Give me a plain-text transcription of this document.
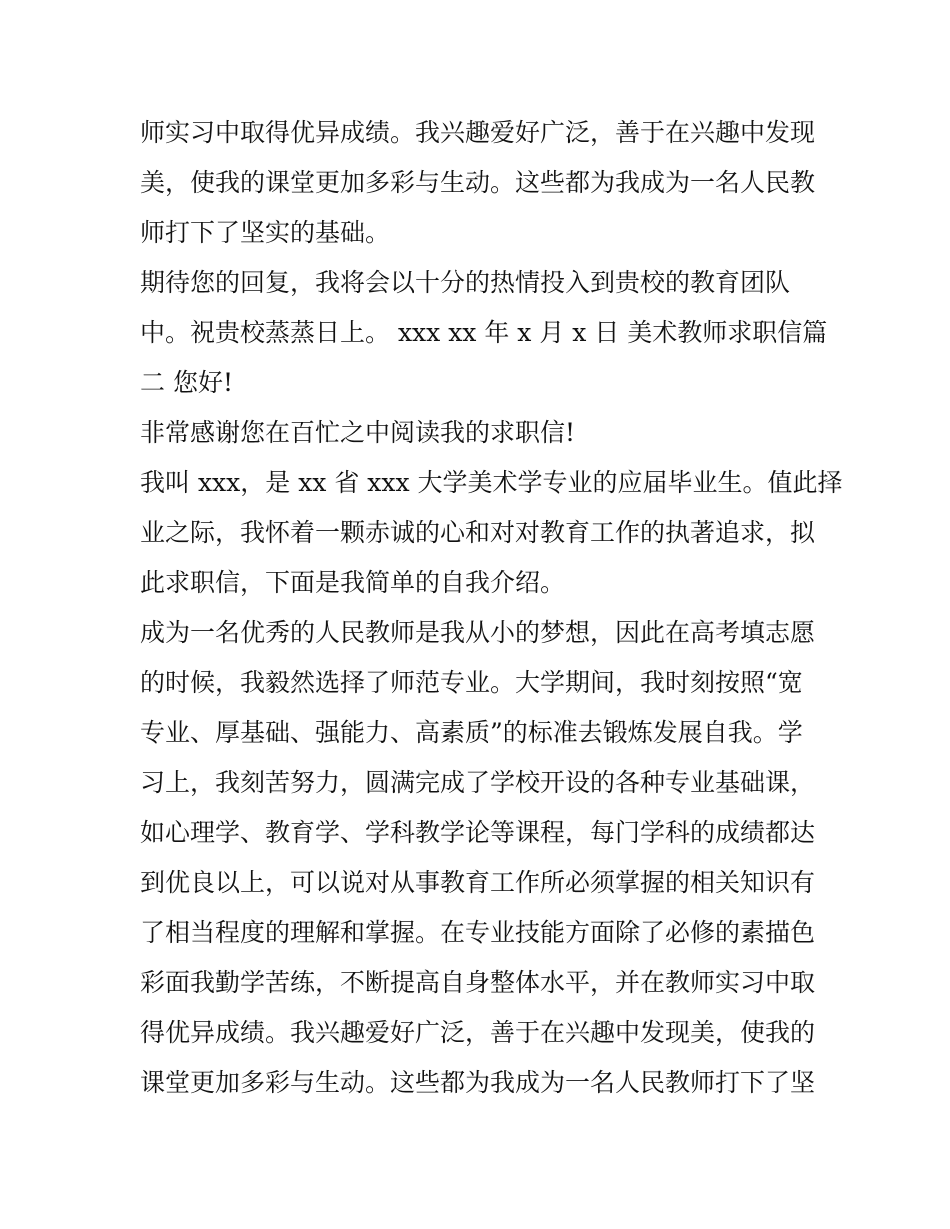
师实习中取得优异成绩。我兴趣爱好广泛，善于在兴趣中发现
美，使我的课堂更加多彩与生动。这些都为我成为一名人民教
师打下了坚实的基础。
期待您的回复，我将会以十分的热情投入到贵校的教育团队
中。祝贵校蒸蒸日上。 xxx xx 年 x 月 x 日 美术教师求职信篇
二 您好!
非常感谢您在百忙之中阅读我的求职信!
我叫 xxx，是 xx 省 xxx 大学美术学专业的应届毕业生。值此择
业之际，我怀着一颗赤诚的心和对对教育工作的执著追求，拟
此求职信，下面是我简单的自我介绍。
成为一名优秀的人民教师是我从小的梦想，因此在高考填志愿
的时候，我毅然选择了师范专业。大学期间，我时刻按照“宽
专业、厚基础、强能力、高素质”的标准去锻炼发展自我。学
习上，我刻苦努力，圆满完成了学校开设的各种专业基础课，
如心理学、教育学、学科教学论等课程，每门学科的成绩都达
到优良以上，可以说对从事教育工作所必须掌握的相关知识有
了相当程度的理解和掌握。在专业技能方面除了必修的素描色
彩面我勤学苦练，不断提高自身整体水平，并在教师实习中取
得优异成绩。我兴趣爱好广泛，善于在兴趣中发现美，使我的
课堂更加多彩与生动。这些都为我成为一名人民教师打下了坚
